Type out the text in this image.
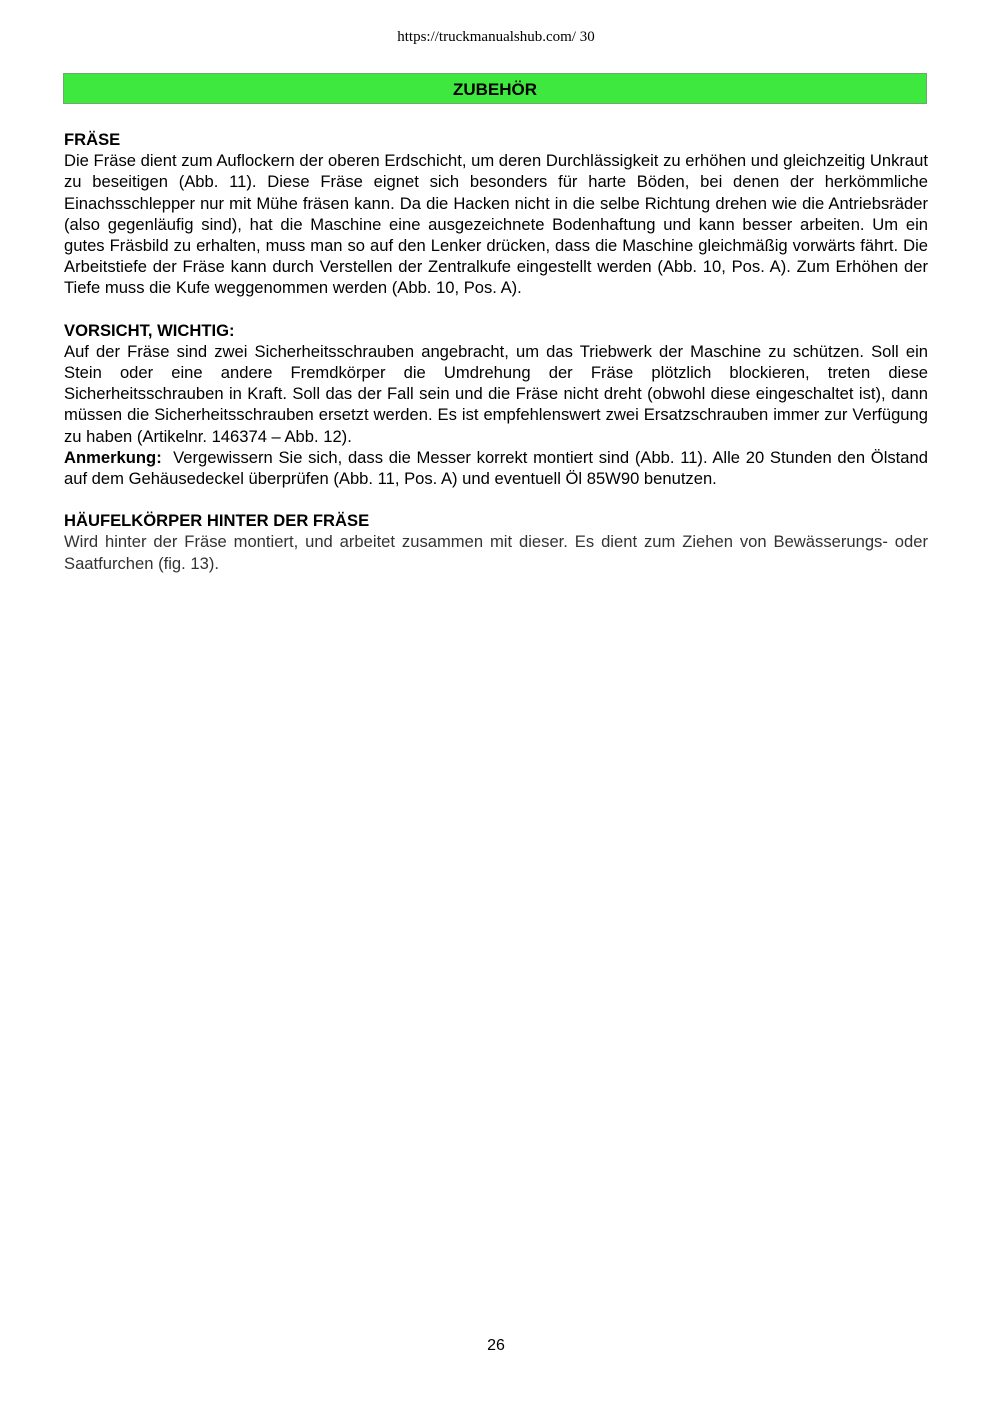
https://truckmanualshub.com/ 30
ZUBEHÖR

FRÄSE

Die Fräse dient zum Auflockern der oberen Erdschicht, um deren Durchlässigkeit zu erhöhen und gleichzeitig Unkraut zu beseitigen (Abb. 11). Diese Fräse eignet sich besonders für harte Böden, bei denen der herkömmliche Einachsschlepper nur mit Mühe fräsen kann. Da die Hacken nicht in die selbe Richtung drehen wie die Antriebsräder (also gegenläufig sind), hat die Maschine eine ausgezeichnete Bodenhaftung und kann besser arbeiten. Um ein gutes Fräsbild zu erhalten, muss man so auf den Lenker drücken, dass die Maschine gleichmäßig vorwärts fährt. Die Arbeitstiefe der Fräse kann durch Verstellen der Zentralkufe eingestellt werden (Abb. 10, Pos. A). Zum Erhöhen der Tiefe muss die Kufe weggenommen werden (Abb. 10, Pos. A).

VORSICHT, WICHTIG:

Auf der Fräse sind zwei Sicherheitsschrauben angebracht, um das Triebwerk der Maschine zu schützen. Soll ein Stein oder eine andere Fremdkörper die Umdrehung der Fräse plötzlich blockieren, treten diese Sicherheitsschrauben in Kraft. Soll das der Fall sein und die Fräse nicht dreht (obwohl diese eingeschaltet ist), dann müssen die Sicherheitsschrauben ersetzt werden. Es ist empfehlenswert zwei Ersatzschrauben immer zur Verfügung zu haben (Artikelnr. 146374 – Abb. 12).

Anmerkung: Vergewissern Sie sich, dass die Messer korrekt montiert sind (Abb. 11). Alle 20 Stunden den Ölstand auf dem Gehäusedeckel überprüfen (Abb. 11, Pos. A) und eventuell Öl 85W90 benutzen.

HÄUFELKÖRPER HINTER DER FRÄSE

Wird hinter der Fräse montiert, und arbeitet zusammen mit dieser. Es dient zum Ziehen von Bewässerungs- oder Saatfurchen (fig. 13).

26
